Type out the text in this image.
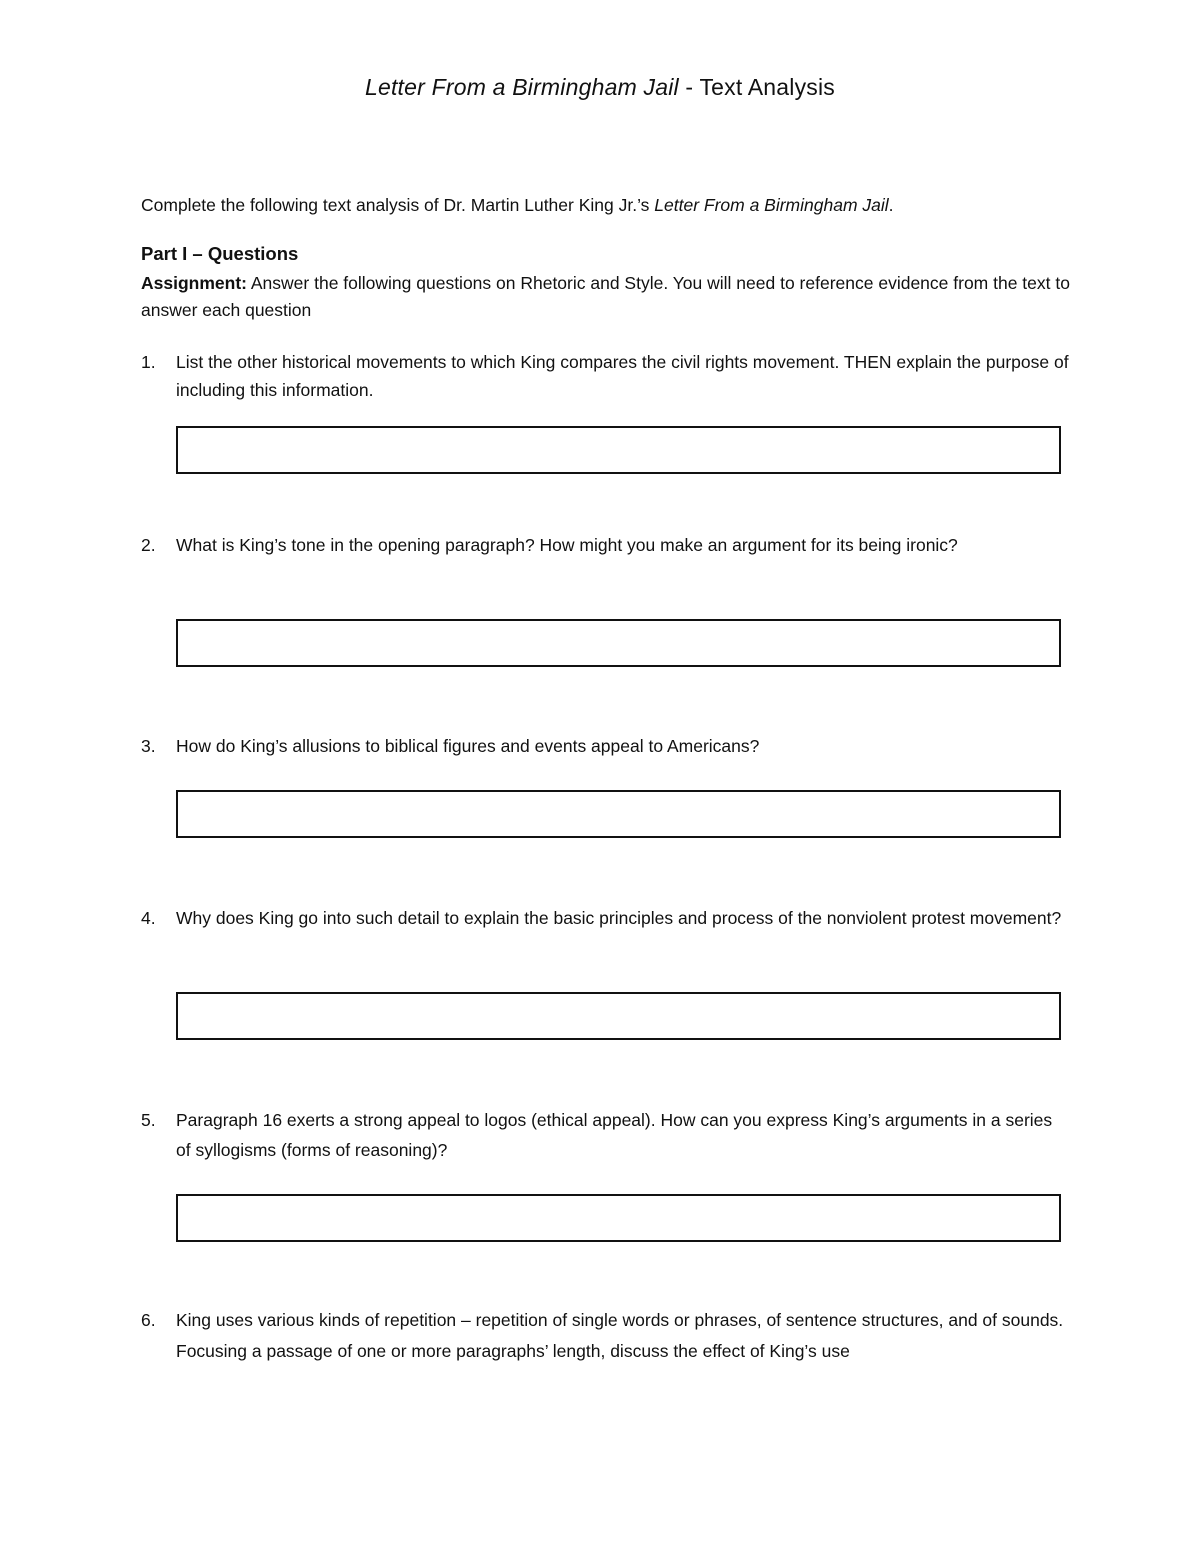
Letter From a Birmingham Jail - Text Analysis
Complete the following text analysis of Dr. Martin Luther King Jr.’s Letter From a Birmingham Jail.
Part I – Questions
Assignment: Answer the following questions on Rhetoric and Style. You will need to reference evidence from the text to answer each question
1. List the other historical movements to which King compares the civil rights movement. THEN explain the purpose of including this information.
2. What is King’s tone in the opening paragraph? How might you make an argument for its being ironic?
3. How do King’s allusions to biblical figures and events appeal to Americans?
4. Why does King go into such detail to explain the basic principles and process of the nonviolent protest movement?
5. Paragraph 16 exerts a strong appeal to logos (ethical appeal). How can you express King’s arguments in a series of syllogisms (forms of reasoning)?
6. King uses various kinds of repetition – repetition of single words or phrases, of sentence structures, and of sounds. Focusing a passage of one or more paragraphs’ length, discuss the effect of King’s use
